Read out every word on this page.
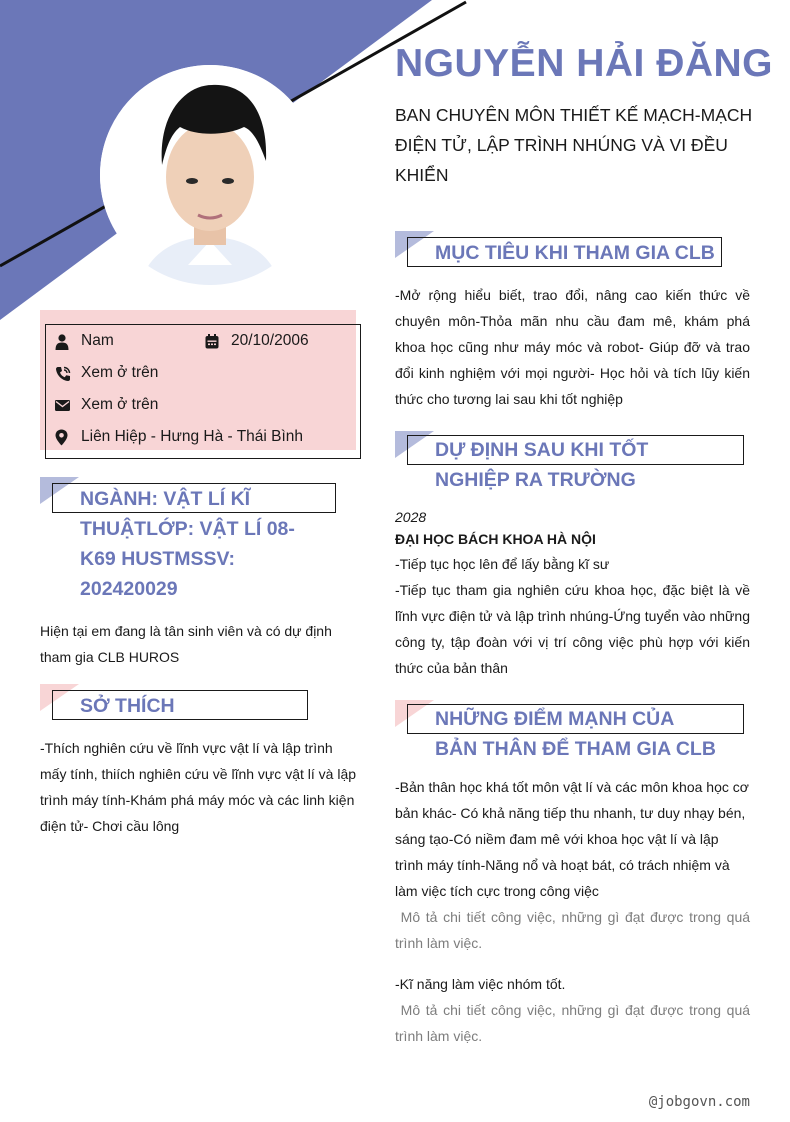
NGUYỄN HẢI ĐĂNG
BAN CHUYÊN MÔN THIẾT KẾ MẠCH-MẠCH ĐIỆN TỬ, LẬP TRÌNH NHÚNG VÀ VI ĐỀU KHIỂN
Nam	20/10/2006
Xem ở trên
Xem ở trên
Liên Hiệp - Hưng Hà - Thái Bình
NGÀNH: VẬT LÍ KĨ
THUẬTLỚP: VẬT LÍ 08-
K69 HUSTMSSV:
202420029
Hiện tại em đang là tân sinh viên và có dự định tham gia CLB HUROS
SỞ THÍCH
-Thích nghiên cứu về lĩnh vực vật lí và lập trình mấy tính, thiích nghiên cứu về lĩnh vực vật lí và lập trình máy tính-Khám phá máy móc và các linh kiện điện tử- Chơi cầu lông
MỤC TIÊU KHI THAM GIA CLB
-Mở rộng hiểu biết, trao đổi, nâng cao kiến thức về chuyên môn-Thỏa mãn nhu cầu đam mê, khám phá khoa học cũng như máy móc và robot- Giúp đỡ và trao đổi kinh nghiệm với mọi người- Học hỏi và tích lũy kiến thức cho tương lai sau khi tốt nghiệp
DỰ ĐỊNH SAU KHI TỐT
NGHIỆP RA TRƯỜNG
2028
ĐẠI HỌC BÁCH KHOA HÀ NỘI
-Tiếp tục học lên để lấy bằng kĩ sư
-Tiếp tục tham gia nghiên cứu khoa học, đặc biệt là về lĩnh vực điện tử và lập trình nhúng-Ứng tuyển vào những công ty, tập đoàn với vị trí công việc phù hợp với kiến thức của bản thân
NHỮNG ĐIỂM MẠNH CỦA
BẢN THÂN ĐỂ THAM GIA CLB
-Bản thân học khá tốt môn vật lí và các môn khoa học cơ bản khác- Có khả năng tiếp thu nhanh, tư duy nhạy bén, sáng tạo-Có niềm đam mê với khoa học vật lí và lập trình máy tính-Năng nổ và hoạt bát, có trách nhiệm và làm việc tích cực trong công việc
Mô tả chi tiết công việc, những gì đạt được trong quá trình làm việc.
-Kĩ năng làm việc nhóm tốt.
Mô tả chi tiết công việc, những gì đạt được trong quá trình làm việc.
@jobgovn.com
